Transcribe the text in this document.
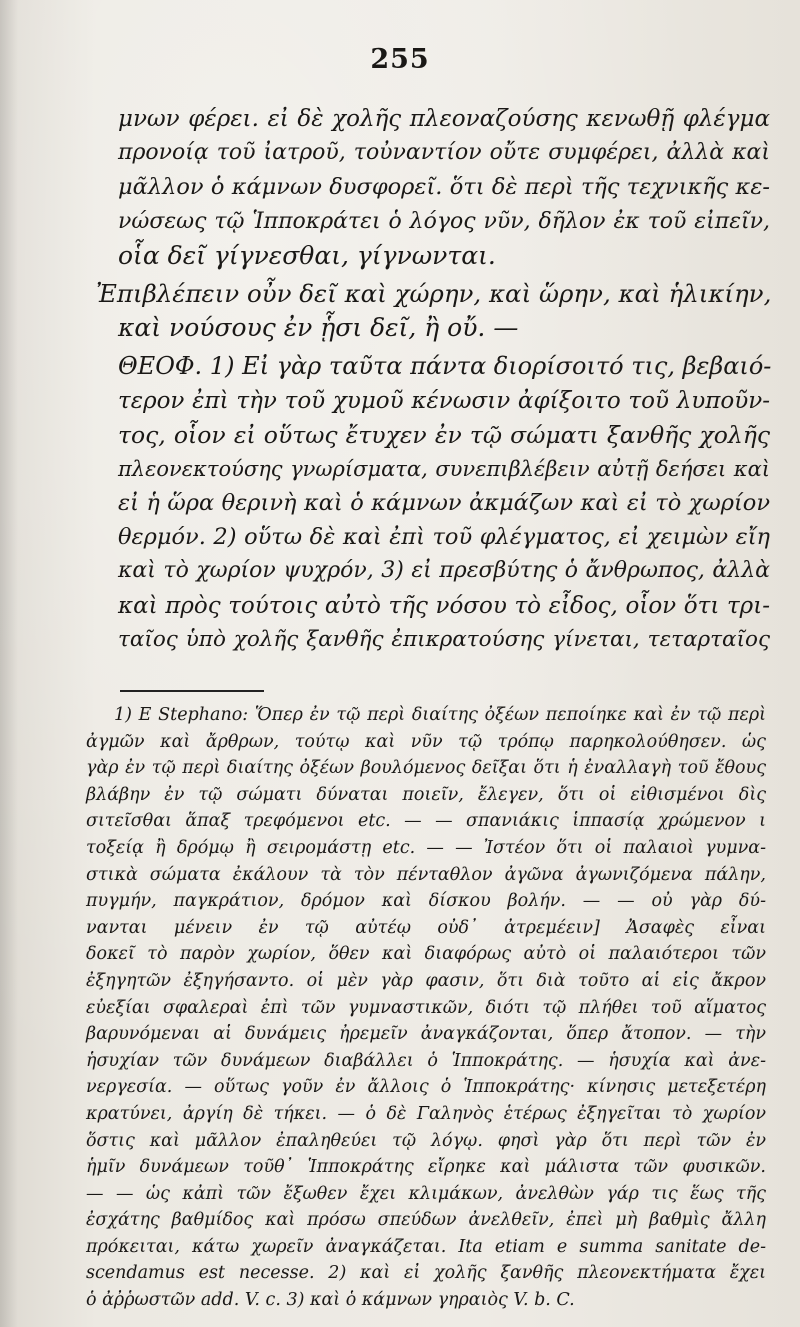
255
μνων φέρει. εἰ δὲ χολῆς πλεοναζούσης κενωθῇ φλέγμα
προνοίᾳ τοῦ ἰατροῦ, τοὐναντίον οὔτε συμφέρει, ἀλλὰ καὶ
μᾶλλον ὁ κάμνων δυσφορεῖ. ὅτι δὲ περὶ τῆς τεχνικῆς κε-
νώσεως τῷ Ἱπποκράτει ὁ λόγος νῦν, δῆλον ἐκ τοῦ εἰπεῖν,
οἷα δεῖ γίγνεσθαι, γίγνωνται.
Ἐπιβλέπειν οὖν δεῖ καὶ χώρην, καὶ ὥρην, καὶ ἡλικίην,
καὶ νούσους ἐν ᾗσι δεῖ, ἢ οὔ. —
ΘΕΟΦ. 1) Εἰ γὰρ ταῦτα πάντα διορίσοιτό τις, βεβαιό-
τερον ἐπὶ τὴν τοῦ χυμοῦ κένωσιν ἀφίξοιτο τοῦ λυποῦν-
τος, οἷον εἰ οὕτως ἔτυχεν ἐν τῷ σώματι ξανθῆς χολῆς
πλεονεκτούσης γνωρίσματα, συνεπιβλέβειν αὐτῇ δεήσει καὶ
εἰ ἡ ὥρα θερινὴ καὶ ὁ κάμνων ἀκμάζων καὶ εἰ τὸ χωρίον
θερμόν. 2) οὕτω δὲ καὶ ἐπὶ τοῦ φλέγματος, εἰ χειμὼν εἴη
καὶ τὸ χωρίον ψυχρόν, 3) εἰ πρεσβύτης ὁ ἄνθρωπος, ἀλλὰ
καὶ πρὸς τούτοις αὐτὸ τῆς νόσου τὸ εἶδος, οἷον ὅτι τρι-
ταῖος ὑπὸ χολῆς ξανθῆς ἐπικρατούσης γίνεται, τεταρταῖος
1) E Stephano: Ὅπερ ἐν τῷ περὶ διαίτης ὀξέων πεποίηκε καὶ ἐν τῷ περὶ
ἀγμῶν καὶ ἄρθρων, τούτῳ καὶ νῦν τῷ τρόπῳ παρηκολούθησεν. ὡς
γὰρ ἐν τῷ περὶ διαίτης ὀξέων βουλόμενος δεῖξαι ὅτι ἡ ἐναλλαγὴ τοῦ ἔθους
βλάβην ἐν τῷ σώματι δύναται ποιεῖν, ἔλεγεν, ὅτι οἱ εἰθισμένοι δὶς
σιτεῖσθαι ἅπαξ τρεφόμενοι etc. — — σπανιάκις ἱππασίᾳ χρώμενον ι
τοξείᾳ ἢ δρόμῳ ἢ σειρομάστῃ etc. — — Ἰστέον ὅτι οἱ παλαιοὶ γυμνα-
στικὰ σώματα ἐκάλουν τὰ τὸν πένταθλον ἀγῶνα ἀγωνιζόμενα πάλην,
πυγμήν, παγκράτιον, δρόμον καὶ δίσκου βολήν. — — οὐ γὰρ δύ-
νανται μένειν ἐν τῷ αὐτέῳ οὐδ᾽ ἀτρεμέειν] Ἀσαφὲς εἶναι
δοκεῖ τὸ παρὸν χωρίον, ὅθεν καὶ διαφόρως αὐτὸ οἱ παλαιότεροι τῶν
ἐξηγητῶν ἐξηγήσαντο. οἱ μὲν γὰρ φασιν, ὅτι διὰ τοῦτο αἱ εἰς ἄκρον
εὐεξίαι σφαλεραὶ ἐπὶ τῶν γυμναστικῶν, διότι τῷ πλήθει τοῦ αἵματος
βαρυνόμεναι αἱ δυνάμεις ἠρεμεῖν ἀναγκάζονται, ὅπερ ἄτοπον. — τὴν
ἡσυχίαν τῶν δυνάμεων διαβάλλει ὁ Ἱπποκράτης. — ἡσυχία καὶ ἀνε-
νεργεσία. — οὕτως γοῦν ἐν ἄλλοις ὁ Ἱπποκράτης· κίνησις μετεξετέρη
κρατύνει, ἀργίη δὲ τήκει. — ὁ δὲ Γαληνὸς ἑτέρως ἐξηγεῖται τὸ χωρίον
ὅστις καὶ μᾶλλον ἐπαληθεύει τῷ λόγῳ. φησὶ γὰρ ὅτι περὶ τῶν ἐν
ἡμῖν δυνάμεων τοῦθ᾽ Ἱπποκράτης εἴρηκε καὶ μάλιστα τῶν φυσικῶν.
— — ὡς κἀπὶ τῶν ἔξωθεν ἔχει κλιμάκων, ἀνελθὼν γάρ τις ἕως τῆς
ἐσχάτης βαθμίδος καὶ πρόσω σπεύδων ἀνελθεῖν, ἐπεὶ μὴ βαθμὶς ἄλλη
πρόκειται, κάτω χωρεῖν ἀναγκάζεται. Ita etiam e summa sanitate de-
scendamus est necesse. 2) καὶ εἰ χολῆς ξανθῆς πλεονεκτήματα ἔχει
ὁ ἀῤῥωστῶν add. V. c. 3) καὶ ὁ κάμνων γηραιὸς V. b. C.
